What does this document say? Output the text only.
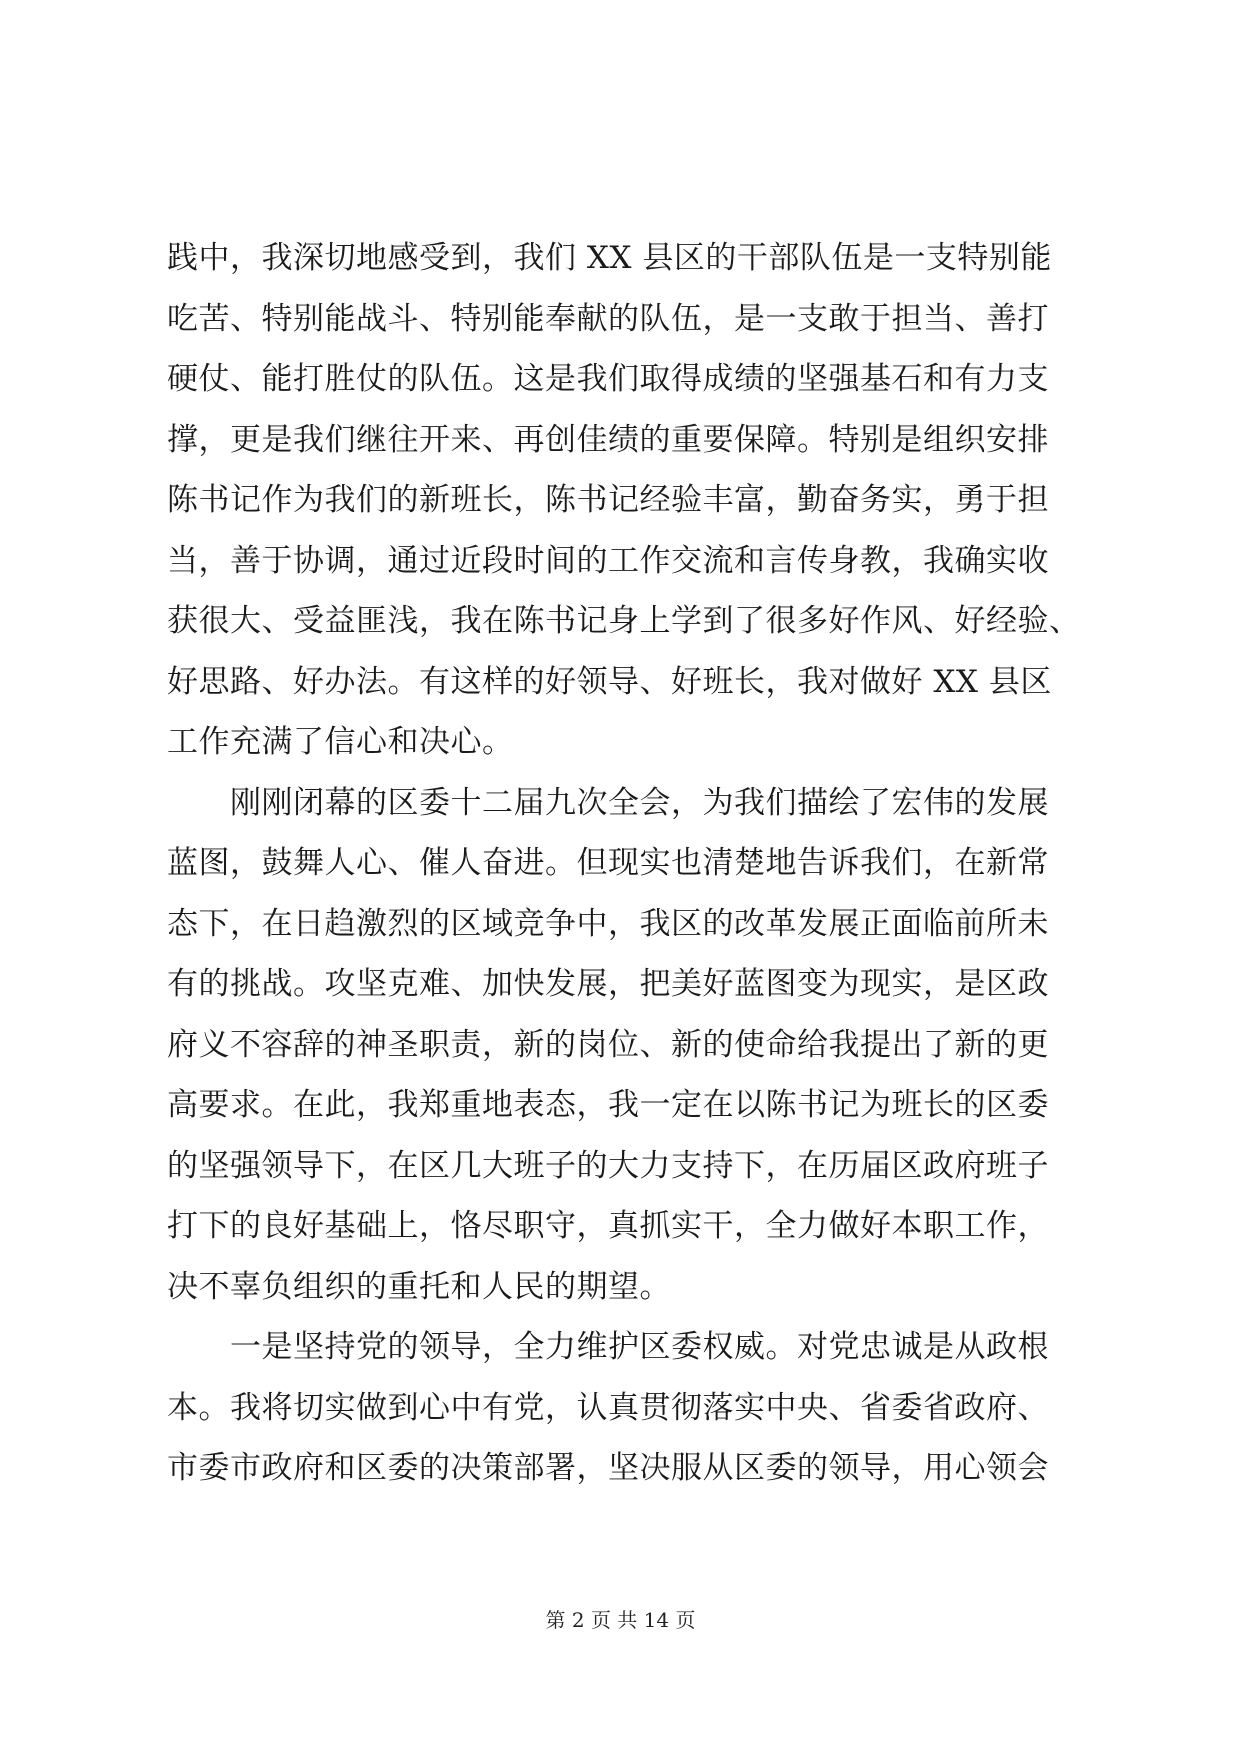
践中，我深切地感受到，我们 XX 县区的干部队伍是一支特别能
吃苦、特别能战斗、特别能奉献的队伍，是一支敢于担当、善打
硬仗、能打胜仗的队伍。这是我们取得成绩的坚强基石和有力支
撑，更是我们继往开来、再创佳绩的重要保障。特别是组织安排
陈书记作为我们的新班长，陈书记经验丰富，勤奋务实，勇于担
当，善于协调，通过近段时间的工作交流和言传身教，我确实收
获很大、受益匪浅，我在陈书记身上学到了很多好作风、好经验、
好思路、好办法。有这样的好领导、好班长，我对做好 XX 县区
工作充满了信心和决心。
　　刚刚闭幕的区委十二届九次全会，为我们描绘了宏伟的发展
蓝图，鼓舞人心、催人奋进。但现实也清楚地告诉我们，在新常
态下，在日趋激烈的区域竞争中，我区的改革发展正面临前所未
有的挑战。攻坚克难、加快发展，把美好蓝图变为现实，是区政
府义不容辞的神圣职责，新的岗位、新的使命给我提出了新的更
高要求。在此，我郑重地表态，我一定在以陈书记为班长的区委
的坚强领导下，在区几大班子的大力支持下，在历届区政府班子
打下的良好基础上，恪尽职守，真抓实干，全力做好本职工作，
决不辜负组织的重托和人民的期望。
　　一是坚持党的领导，全力维护区委权威。对党忠诚是从政根
本。我将切实做到心中有党，认真贯彻落实中央、省委省政府、
市委市政府和区委的决策部署，坚决服从区委的领导，用心领会
第 2 页 共 14 页
